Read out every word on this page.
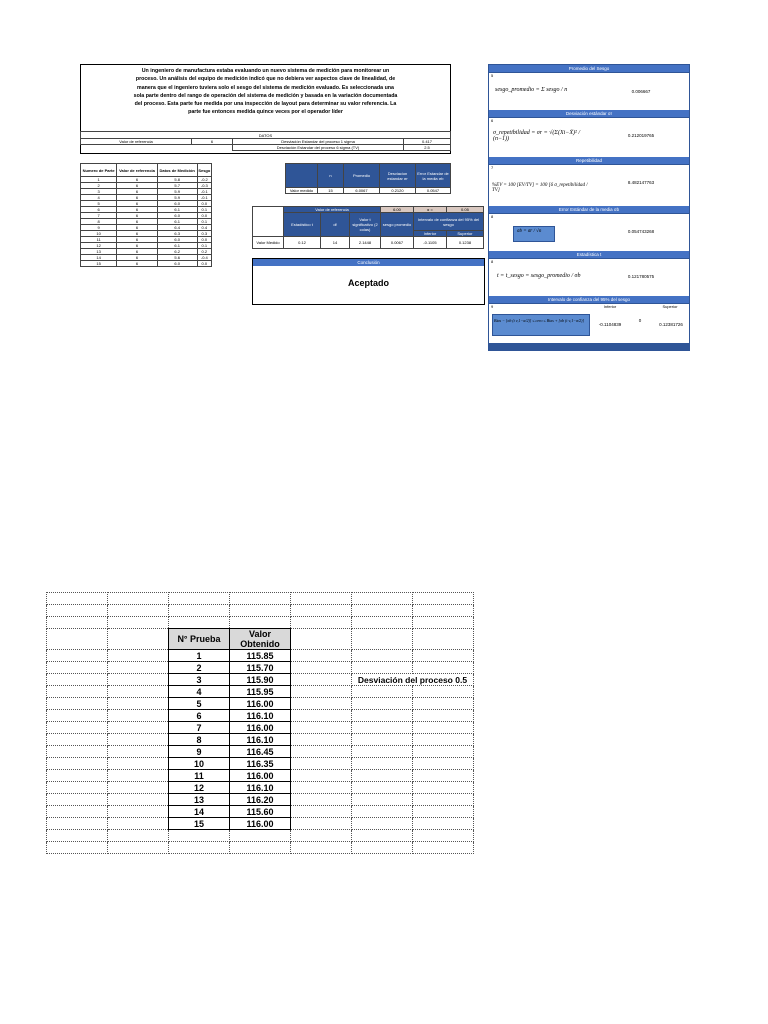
Un ingeniero de manufactura estaba evaluando un nuevo sistema de medición para monitorear un proceso. Un análisis del equipo de medición indicó que no debiera ver aspectos clave de linealidad, de manera que el ingeniero tuviera solo el sesgo del sistema de medición evaluado. Es seleccionada una sola parte dentro del rango de operación del sistema de medición y basada en la variación documentada del proceso. Esta parte fue medida por una inspección de layout para determinar su valor referencia. La parte fue entonces medida quince veces por el operador líder
DATOS			
Valor de referencia	6	Desviación Estandar del proceso 1 sigma	0.417
		Desviación Estandar del proceso 6 sigma (TV)	2.5
Numero de Parte	Valor de referencia	Datos de Medición	Sesgo
1	6	5.8	-0.2
2	6	5.7	-0.3
3	6	5.9	-0.1
4	6	5.9	-0.1
5	6	6.0	0.0
6	6	6.1	0.1
7	6	6.0	0.0
8	6	6.1	0.1
9	6	6.4	0.4
10	6	6.3	0.3
11	6	6.0	0.0
12	6	6.1	0.1
13	6	6.2	0.2
14	6	5.6	-0.4
15	6	6.0	0.0
	n	Promedio	Desviacion estandar σr	Error Estandar de la media σb
Valor medido	15	6.0067	0.2120	0.0547
	Valor de referencia			6.00	α =	0.05
	Estadístico t	df	Valor t significativo (2 colas)	sesgo promedio	Intervalo de confianza del 95% del sesgo	
					Inferior	Superior
Valor Medido	0.12	14	2.1448	0.0067	-0.1105	0.1238
Conclusión
Aceptado
Promedio del Sesgo
5
sesgo_promedio = Σ sesgo / n	0.006667
Desviación estándar σr
6
σ_repetibilidad = σr = √(Σ(Xi−X̄)² / (n−1))
0.212019765
Repetibilidad
7
%EV = 100 [EV/TV] = 100 [6 σ_repetibilidad / TV]
8.482147763
Error Estándar de la media σb
8
σb = σr / √n	0.054743268
Estadística t
8
t = t_sesgo = sesgo_promedio / σb	0.121780575
Intervalo de confianza del 95% del sesgo
9	Inferior	Superior
Bias − [σb (t ν,1−α/2)] ≤ cero ≤ Bias + [σb (t ν,1−α/2)]
-0.1104839
0
0.12381726

		N° Prueba	Valor Obtenido			
		1	115.85			
		2	115.70			
		3	115.90		Desviación del proceso 0.5	
		4	115.95			
		5	116.00			
		6	116.10			
		7	116.00			
		8	116.10			
		9	116.45			
		10	116.35			
		11	116.00			
		12	116.10			
		13	116.20			
		14	115.60			
		15	116.00			
